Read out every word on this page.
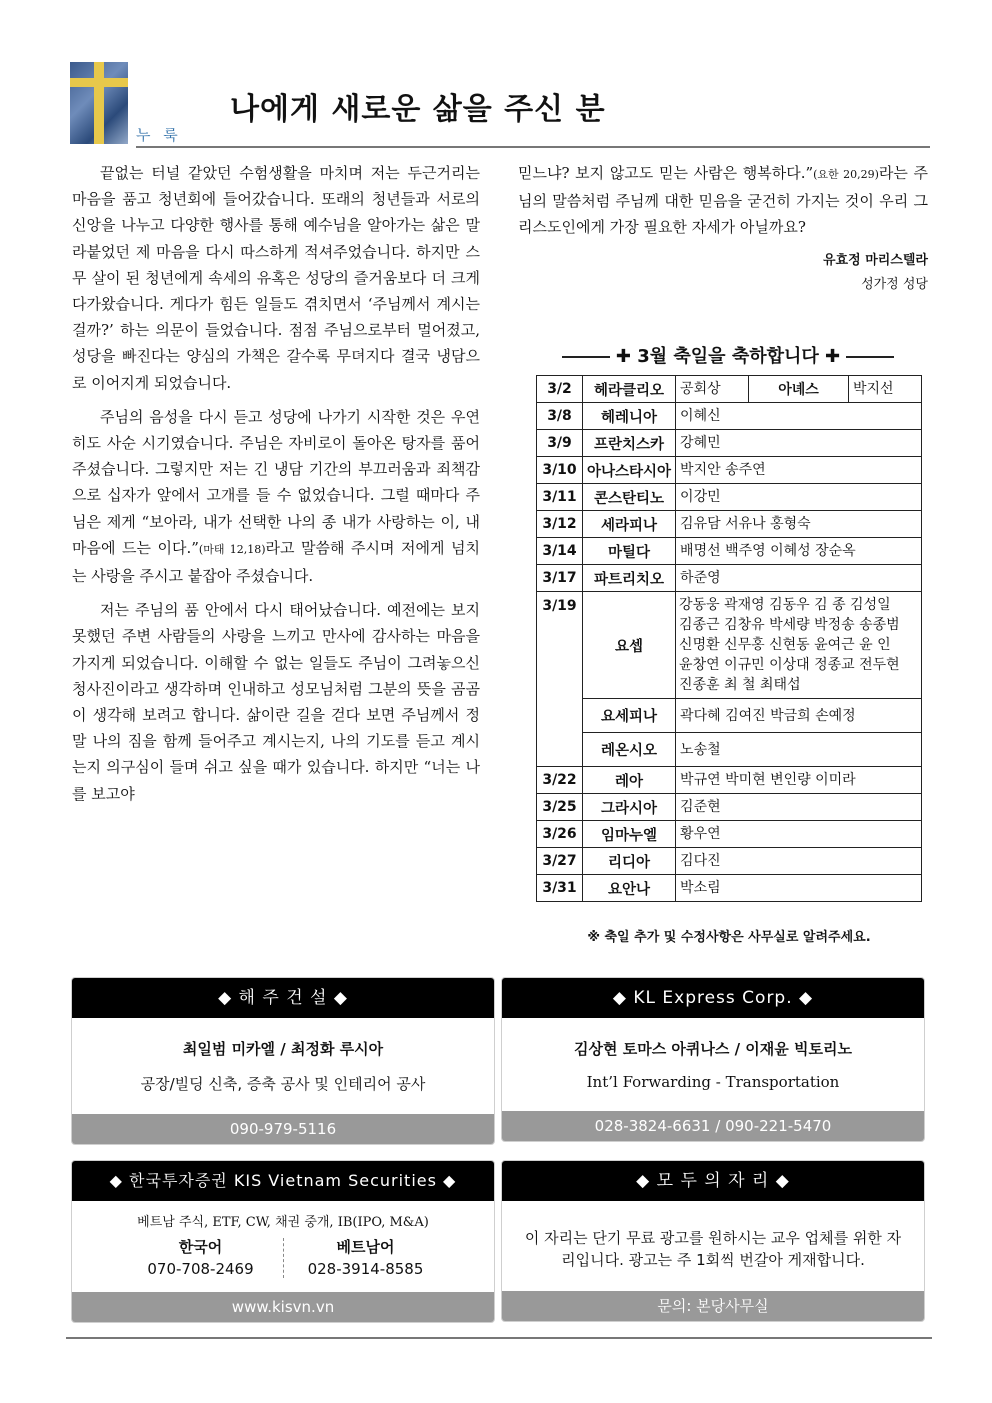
누 룩
나에게 새로운 삶을 주신 분

끝없는 터널 같았던 수험생활을 마치며 저는 두근거리는 마음을 품고 청년회에 들어갔습니다. 또래의 청년들과 서로의 신앙을 나누고 다양한 행사를 통해 예수님을 알아가는 삶은 말라붙었던 제 마음을 다시 따스하게 적셔주었습니다. 하지만 스무 살이 된 청년에게 속세의 유혹은 성당의 즐거움보다 더 크게 다가왔습니다. 게다가 힘든 일들도 겪치면서 ‘주님께서 계시는 걸까?’ 하는 의문이 들었습니다. 점점 주님으로부터 멀어졌고, 성당을 빠진다는 양심의 가책은 갈수록 무뎌지다 결국 냉담으로 이어지게 되었습니다.

주님의 음성을 다시 듣고 성당에 나가기 시작한 것은 우연히도 사순 시기였습니다. 주님은 자비로이 돌아온 탕자를 품어주셨습니다. 그렇지만 저는 긴 냉담 기간의 부끄러움과 죄책감으로 십자가 앞에서 고개를 들 수 없었습니다. 그럴 때마다 주님은 제게 “보아라, 내가 선택한 나의 종 내가 사랑하는 이, 내 마음에 드는 이다.”(마태 12,18)라고 말씀해 주시며 저에게 넘치는 사랑을 주시고 붙잡아 주셨습니다.

저는 주님의 품 안에서 다시 태어났습니다. 예전에는 보지 못했던 주변 사람들의 사랑을 느끼고 만사에 감사하는 마음을 가지게 되었습니다. 이해할 수 없는 일들도 주님이 그려놓으신 청사진이라고 생각하며 인내하고 성모님처럼 그분의 뜻을 곰곰이 생각해 보려고 합니다. 삶이란 길을 걷다 보면 주님께서 정말 나의 짐을 함께 들어주고 계시는지, 나의 기도를 듣고 계시는지 의구심이 들며 쉬고 싶을 때가 있습니다. 하지만 “너는 나를 보고야

믿느냐? 보지 않고도 믿는 사람은 행복하다.”(요한 20,29)라는 주님의 말씀처럼 주님께 대한 믿음을 굳건히 가지는 것이 우리 그리스도인에게 가장 필요한 자세가 아닐까요?

유효정 마리스텔라
성가정 성당
✚ 3월 축일을 축하합니다 ✚
3/2	헤라클리오	공회상	아녜스	박지선
3/8	헤레니아	이혜신		
3/9	프란치스카	강혜민		
3/10	아나스타시아	박지안 송주연		
3/11	콘스탄티노	이강민		
3/12	세라피나	김유담 서유나 홍형숙		
3/14	마틸다	배명선 백주영 이혜성 장순옥		
3/17	파트리치오	하준영		
3/19	요셉	강동웅 곽재영 김동우 김 종 김성일
김종근 김창유 박세량 박정송 송종범
신명환 신무홍 신현동 윤여근 윤 인
윤창연 이규민 이상대 정종교 전두현
진종훈 최 철 최태섭		

	요세피나	곽다혜 김여진 박금희 손예정		
	레온시오	노송철		
3/22	레아	박규연 박미현 변인량 이미라		
3/25	그라시아	김준현		
3/26	임마누엘	황우연		
3/27	리디아	김다진		
3/31	요안나	박소림		
※ 축일 추가 및 수정사항은 사무실로 알려주세요.
◆ 해 주 건 설 ◆
최일범 미카엘 / 최정화 루시아
공장/빌딩 신축, 증축 공사 및 인테리어 공사
090-979-5116
◆ KL Express Corp. ◆
김상현 토마스 아퀴나스 / 이재윤 빅토리노
Int’l Forwarding - Transportation
028-3824-6631 / 090-221-5470
◆ 한국투자증권 KIS Vietnam Securities ◆
베트남 주식, ETF, CW, 채권 중개, IB(IPO, M&A)
한국어
070-708-2469
베트남어
028-3914-8585
www.kisvn.vn
◆ 모 두 의 자 리 ◆
이 자리는 단기 무료 광고를 원하시는 교우 업체를 위한 자리입니다. 광고는 주 1회씩 번갈아 게재합니다.
문의: 본당사무실
